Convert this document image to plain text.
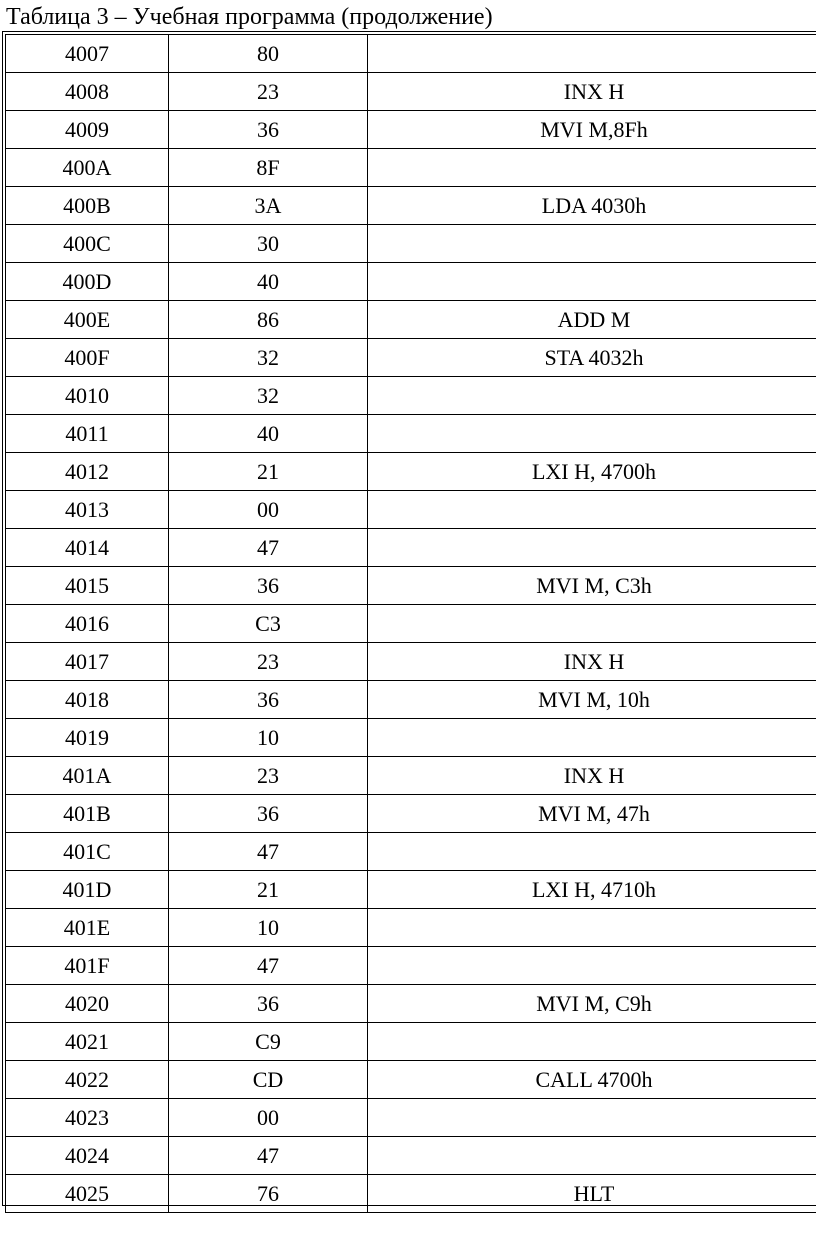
Таблица 3 – Учебная программа (продолжение)
4007	80	
4008	23	INX H
4009	36	MVI M,8Fh
400A	8F	
400B	3A	LDA 4030h
400C	30	
400D	40	
400E	86	ADD M
400F	32	STA 4032h
4010	32	
4011	40	
4012	21	LXI H, 4700h
4013	00	
4014	47	
4015	36	MVI M, C3h
4016	C3	
4017	23	INX H
4018	36	MVI M, 10h
4019	10	
401A	23	INX H
401B	36	MVI M, 47h
401C	47	
401D	21	LXI H, 4710h
401E	10	
401F	47	
4020	36	MVI M, C9h
4021	C9	
4022	CD	CALL 4700h
4023	00	
4024	47	
4025	76	HLT
